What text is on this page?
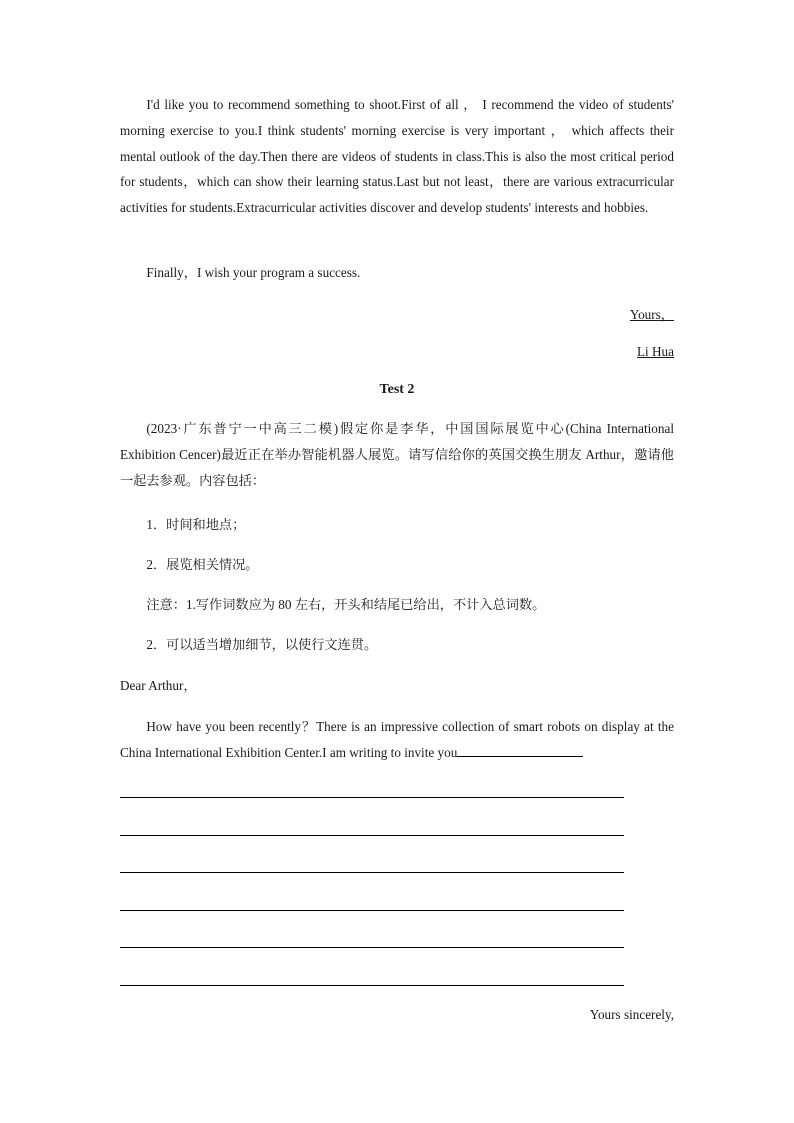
I'd like you to recommend something to shoot.First of all ， I recommend the video of students' morning exercise to you.I think students' morning exercise is very important ， which affects their mental outlook of the day.Then there are videos of students in class.This is also the most critical period for students，which can show their learning status.Last but not least，there are various extracurricular activities for students.Extracurricular activities discover and develop students' interests and hobbies.

Finally，I wish your program a success.

Yours，

Li Hua

Test 2

(2023·广东普宁一中高三二模)假定你是李华，中国国际展览中心(China International Exhibition Cencer)最近正在举办智能机器人展览。请写信给你的英国交换生朋友 Arthur，邀请他一起去参观。内容包括：

1．时间和地点；

2．展览相关情况。

注意：1.写作词数应为 80 左右，开头和结尾已给出，不计入总词数。

2．可以适当增加细节，以使行文连贯。

Dear Arthur，

How have you been recently？There is an impressive collection of smart robots on display at the China International Exhibition Center.I am writing to invite you

Yours sincerely,
